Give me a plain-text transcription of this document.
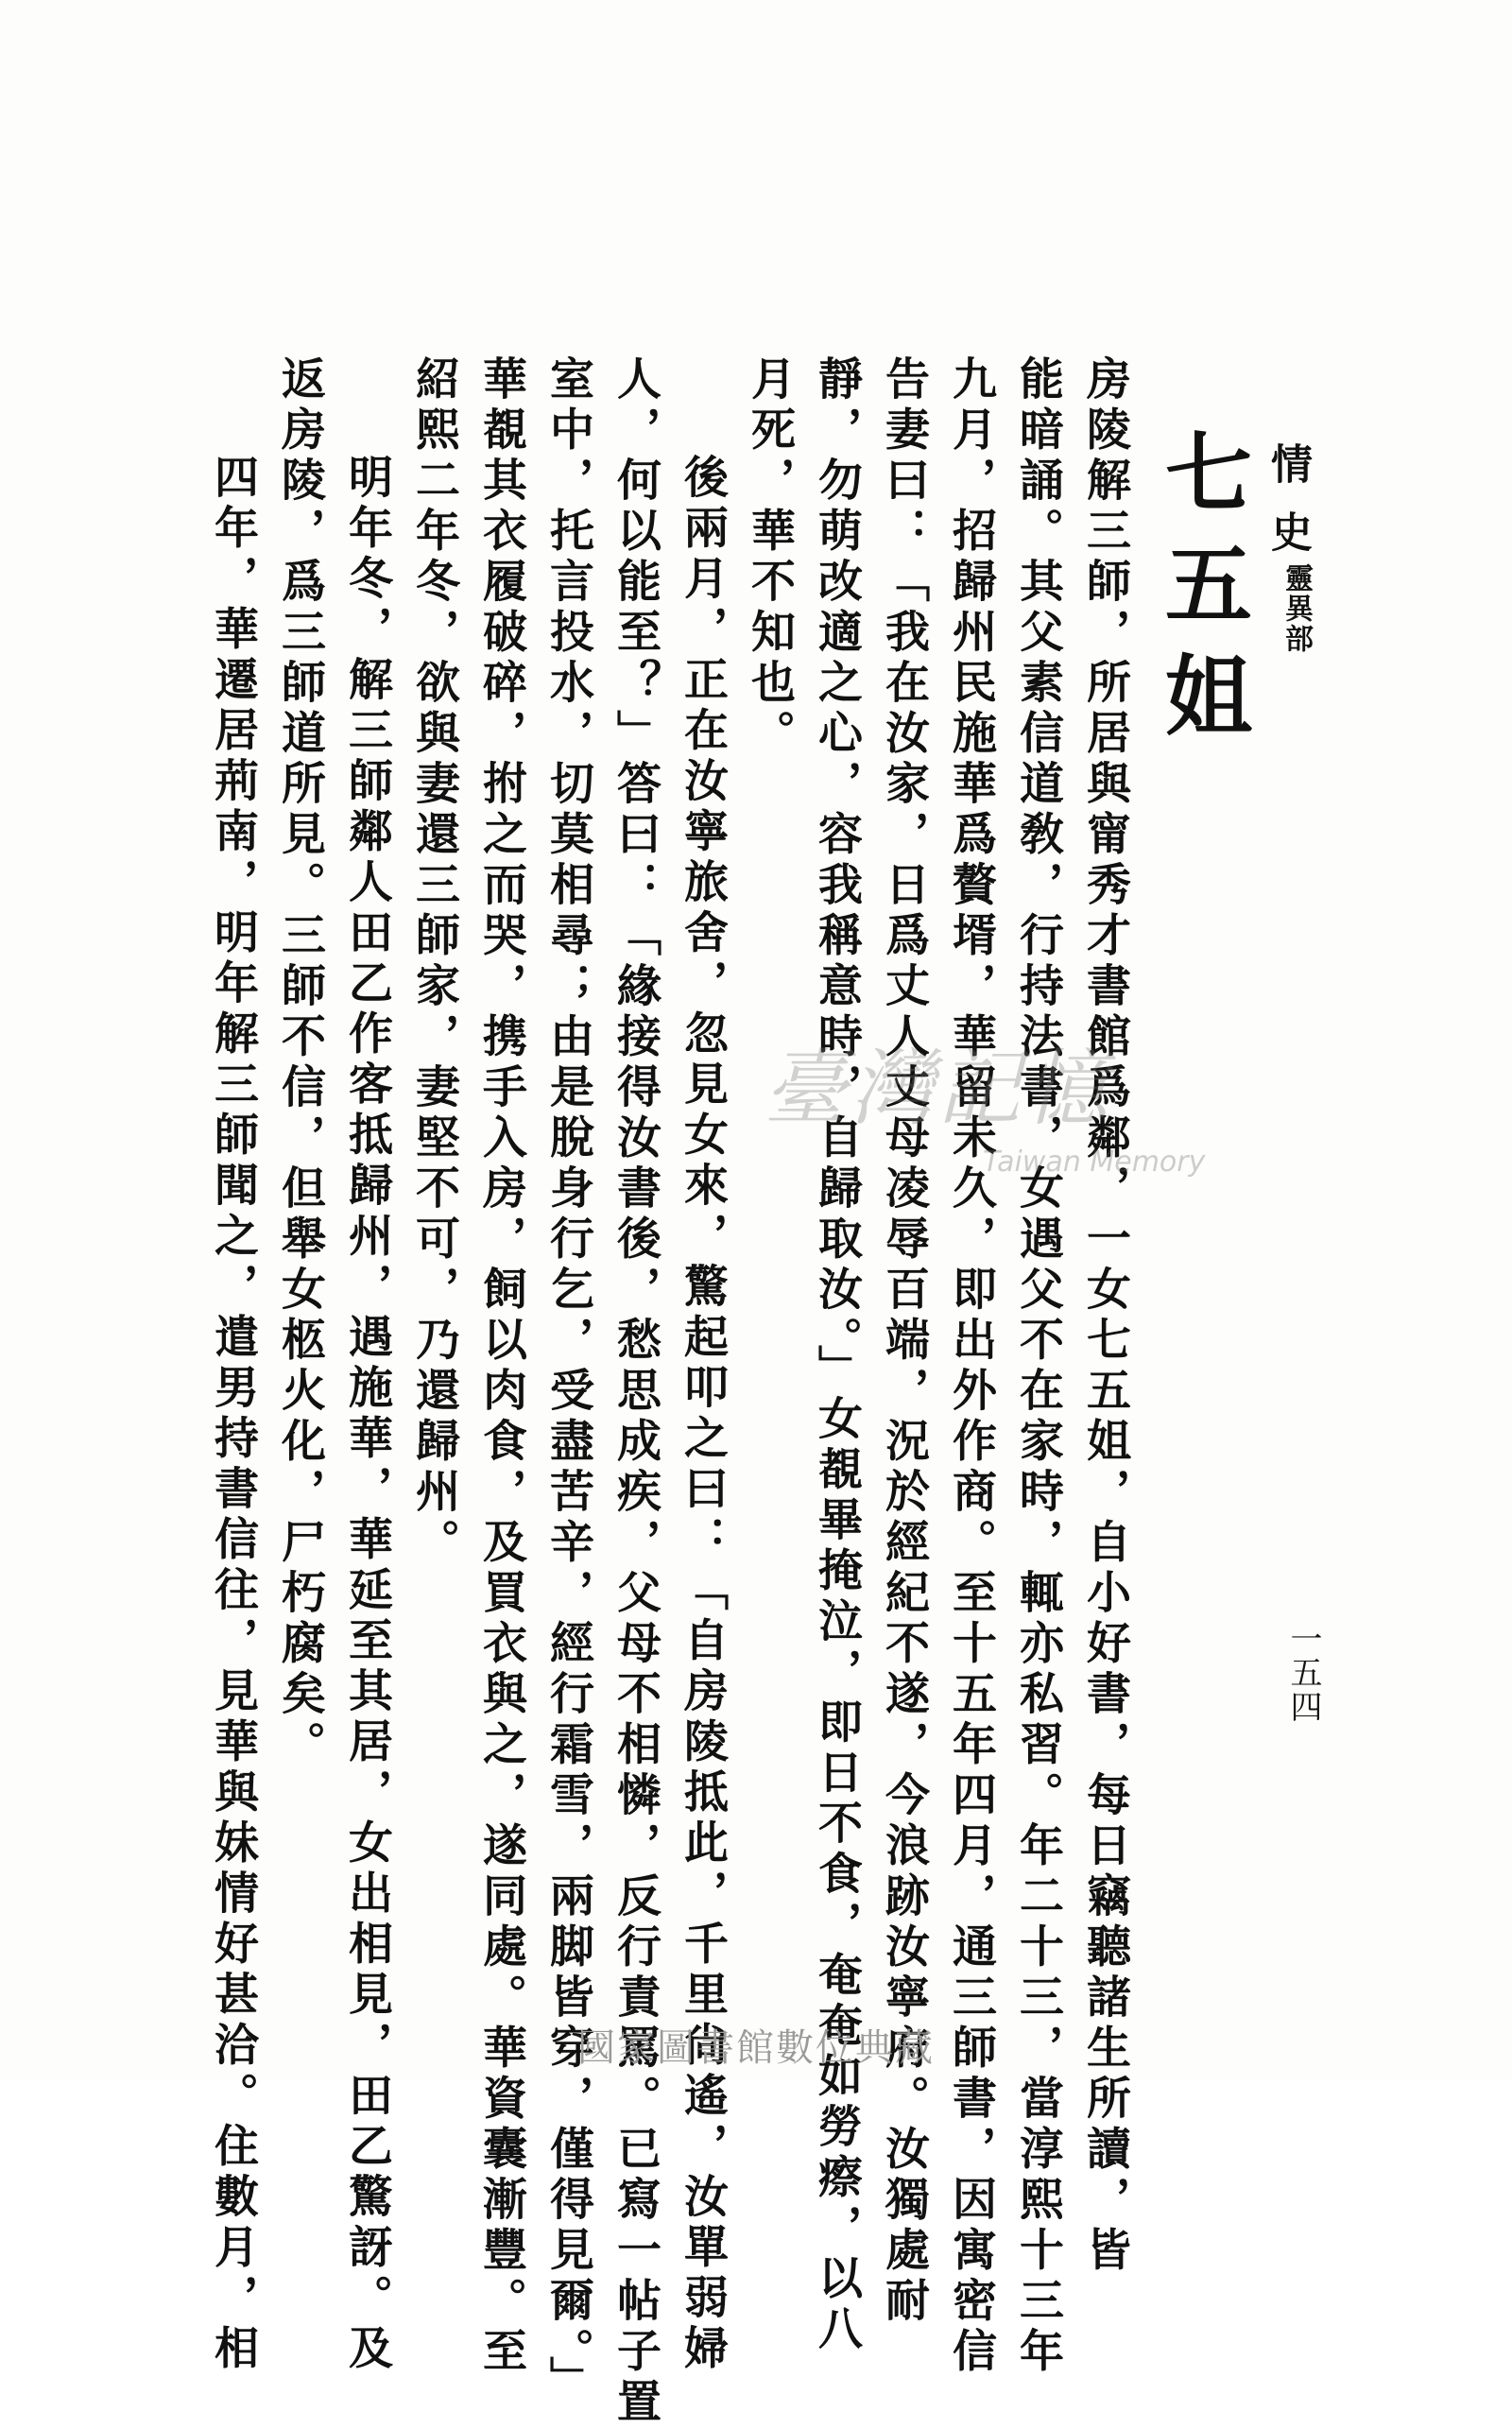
情史
靈異部
一五四
七五姐
房陵解三師，所居與甯秀才書館爲鄰，一女七五姐，自小好書，每日竊聽諸生所讀，皆
能暗誦。其父素信道敎，行持法書，女遇父不在家時，輒亦私習。年二十三，當淳熙十三年
九月，招歸州民施華爲贅壻，華留未久，即出外作商。至十五年四月，通三師書，因寓密信
告妻曰：「我在汝家，日爲丈人丈母凌辱百端，況於經紀不遂，今浪跡汝寧府。汝獨處耐
靜，勿萌改適之心，容我稱意時，自歸取汝。」女覩畢掩泣，即日不食，奄奄如勞瘵，以八
月死，華不知也。
後兩月，正在汝寧旅舍，忽見女來，驚起叩之曰：「自房陵抵此，千里尙遙，汝單弱婦
人，何以能至？」答曰：「緣接得汝書後，愁思成疾，父母不相憐，反行責罵。已寫一帖子置
室中，托言投水，切莫相尋；由是脫身行乞，受盡苦辛，經行霜雪，兩脚皆穿，僅得見爾。」
華覩其衣履破碎，拊之而哭，携手入房，飼以肉食，及買衣與之，遂同處。華資囊漸豐。至
紹熙二年冬，欲與妻還三師家，妻堅不可，乃還歸州。
明年冬，解三師鄰人田乙作客抵歸州，遇施華，華延至其居，女出相見，田乙驚訝。及
返房陵，爲三師道所見。三師不信，但舉女柩火化，尸朽腐矣。
四年，華遷居荊南，明年解三師聞之，遣男持書信往，見華與妹情好甚洽。住數月，相	臺灣記憶
Taiwan Memory
國家圖書館數位典藏
